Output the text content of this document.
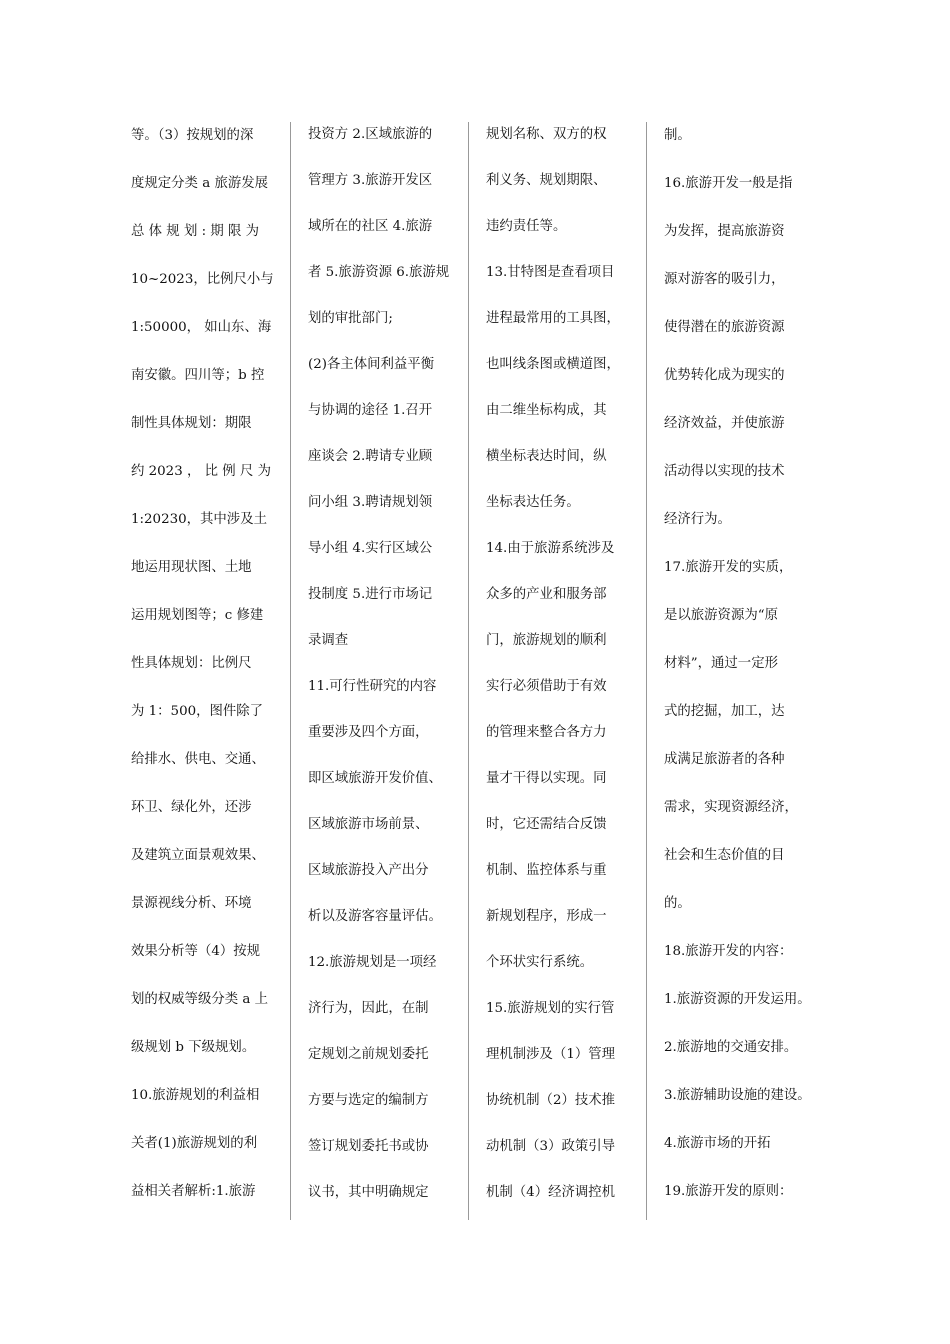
等。（3）按规划的深
度规定分类 a 旅游发展
总 体 规 划 : 期 限 为
10~2023，比例尺小与
1:50000， 如山东、海
南安徽。四川等；b 控
制性具体规划：期限
约 2023 ， 比 例 尺 为
1:20230，其中涉及土
地运用现状图、土地
运用规划图等；c 修建
性具体规划：比例尺
为 1：500，图件除了
给排水、供电、交通、
环卫、绿化外，还涉
及建筑立面景观效果、
景源视线分析、环境
效果分析等（4）按规
划的权威等级分类 a 上
级规划 b 下级规划。
10.旅游规划的利益相
关者(1)旅游规划的利
益相关者解析:1.旅游
投资方 2.区域旅游的
管理方 3.旅游开发区
域所在的社区 4.旅游
者 5.旅游资源 6.旅游规
划的审批部门;
(2)各主体间利益平衡
与协调的途径 1.召开
座谈会 2.聘请专业顾
问小组 3.聘请规划领
导小组 4.实行区域公
投制度 5.进行市场记
录调查
11.可行性研究的内容
重要涉及四个方面，
即区域旅游开发价值、
区域旅游市场前景、
区域旅游投入产出分
析以及游客容量评估。
12.旅游规划是一项经
济行为，因此，在制
定规划之前规划委托
方要与选定的编制方
签订规划委托书或协
议书，其中明确规定
规划名称、双方的权
利义务、规划期限、
违约责任等。
13.甘特图是查看项目
进程最常用的工具图，
也叫线条图或横道图，
由二维坐标构成，其
横坐标表达时间，纵
坐标表达任务。
14.由于旅游系统涉及
众多的产业和服务部
门，旅游规划的顺利
实行必须借助于有效
的管理来整合各方力
量才干得以实现。同
时，它还需结合反馈
机制、监控体系与重
新规划程序，形成一
个环状实行系统。
15.旅游规划的实行管
理机制涉及（1）管理
协统机制（2）技术推
动机制（3）政策引导
机制（4）经济调控机
制。
16.旅游开发一般是指
为发挥，提高旅游资
源对游客的吸引力，
使得潜在的旅游资源
优势转化成为现实的
经济效益，并使旅游
活动得以实现的技术
经济行为。
17.旅游开发的实质，
是以旅游资源为“原
材料”，通过一定形
式的挖掘，加工，达
成满足旅游者的各种
需求，实现资源经济，
社会和生态价值的目
的。
18.旅游开发的内容：
1.旅游资源的开发运用。
2.旅游地的交通安排。
3.旅游辅助设施的建设。
4.旅游市场的开拓
19.旅游开发的原则：
